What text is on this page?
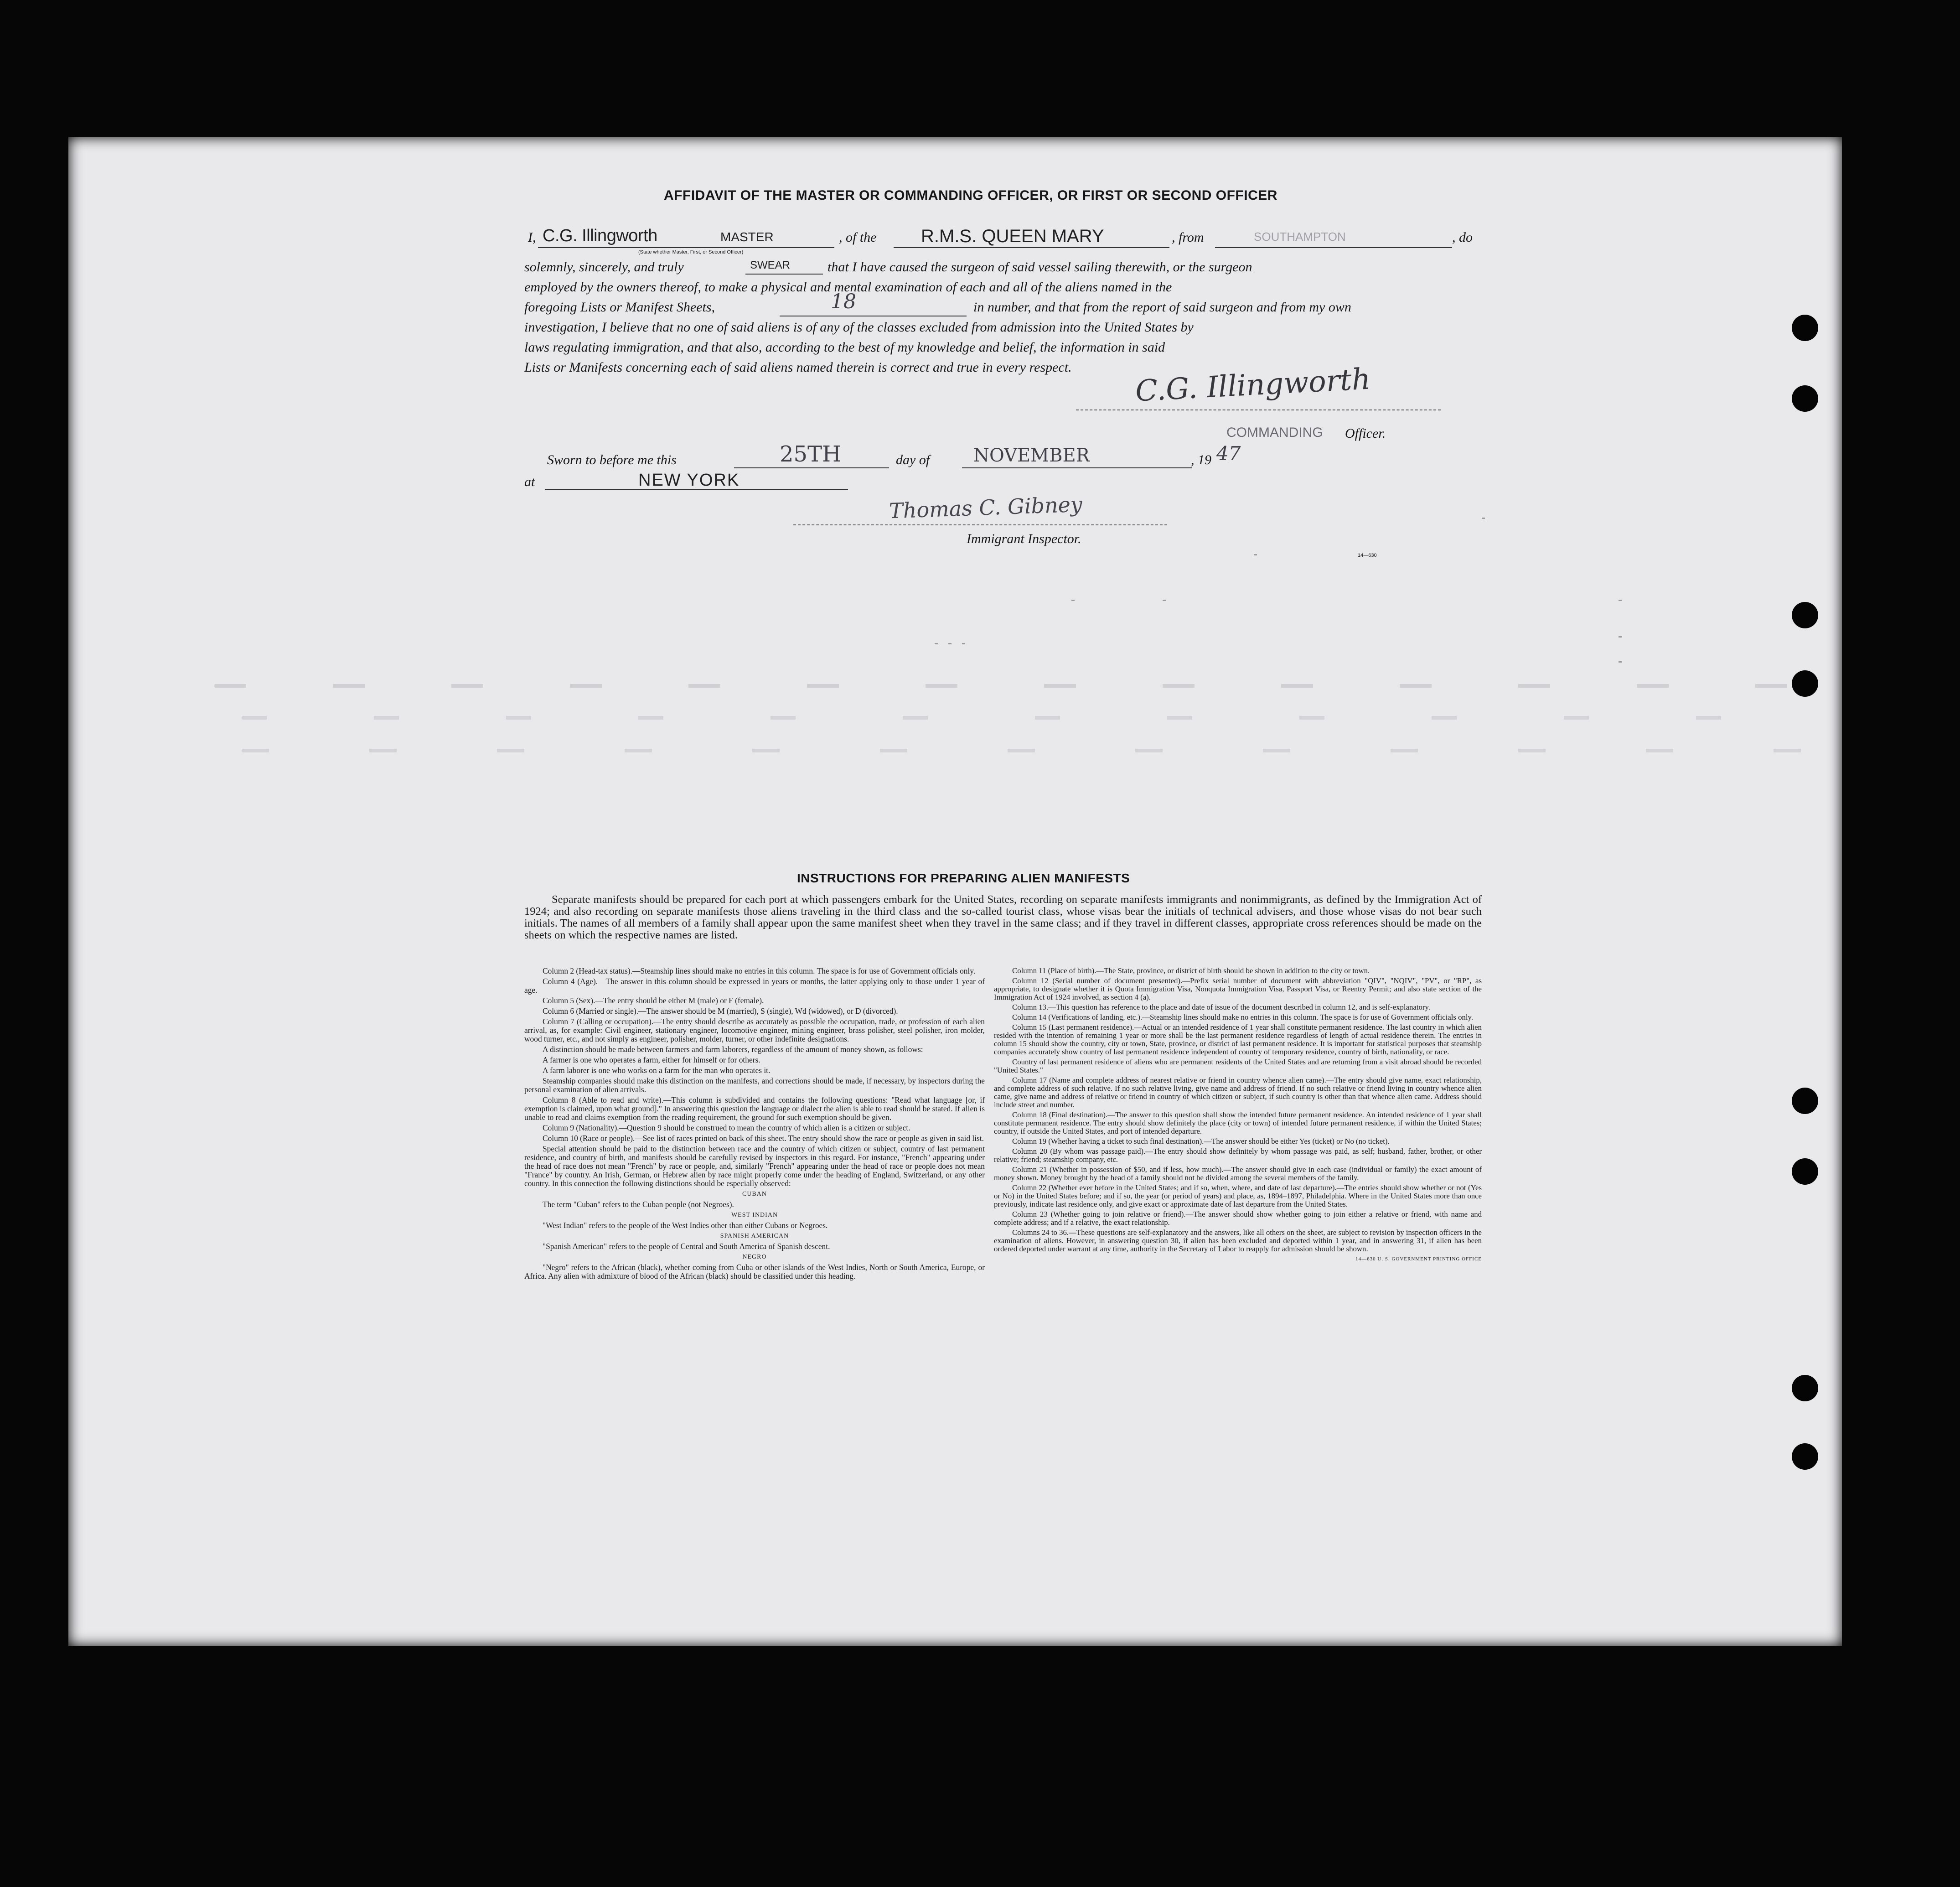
AFFIDAVIT OF THE MASTER OR COMMANDING OFFICER, OR FIRST OR SECOND OFFICER
I, C.G. Illingworth	MASTER
(State whether Master, First, or Second Officer)
, of the R.M.S. QUEEN MARY	, from	SOUTHAMPTON	, do
solemnly, sincerely, and truly	SWEAR	that I have caused the surgeon of said vessel sailing therewith, or the surgeon
employed by the owners thereof, to make a physical and mental examination of each and all of the aliens named in the
foregoing Lists or Manifest Sheets,	18	in number, and that from the report of said surgeon and from my own
investigation, I believe that no one of said aliens is of any of the classes excluded from admission into the United States by
laws regulating immigration, and that also, according to the best of my knowledge and belief, the information in said
Lists or Manifests concerning each of said aliens named therein is correct and true in every respect. C.G. Illingworth
COMMANDING Officer.
Sworn to before me this	25TH	day of NOVEMBER	, 19 47
at	NEW YORK
Thomas C. Gibney
Immigrant Inspector.
14—630
INSTRUCTIONS FOR PREPARING ALIEN MANIFESTS
Separate manifests should be prepared for each port at which passengers embark for the United States, recording on separate manifests immigrants and nonimmigrants, as defined by the Immigration Act of 1924; and also recording on separate manifests those aliens traveling in the third class and the so-called tourist class, whose visas bear the initials of technical advisers, and those whose visas do not bear such initials. The names of all members of a family shall appear upon the same manifest sheet when they travel in the same class; and if they travel in different classes, appropriate cross references should be made on the sheets on which the respective names are listed.

Column 2 (Head-tax status).—Steamship lines should make no entries in this column. The space is for use of Government officials only.

Column 4 (Age).—The answer in this column should be expressed in years or months, the latter applying only to those under 1 year of age.

Column 5 (Sex).—The entry should be either M (male) or F (female).

Column 6 (Married or single).—The answer should be M (married), S (single), Wd (widowed), or D (divorced).

Column 7 (Calling or occupation).—The entry should describe as accurately as possible the occupation, trade, or profession of each alien arrival, as, for example: Civil engineer, stationary engineer, locomotive engineer, mining engineer, brass polisher, steel polisher, iron molder, wood turner, etc., and not simply as engineer, polisher, molder, turner, or other indefinite designations.

A distinction should be made between farmers and farm laborers, regardless of the amount of money shown, as follows:

A farmer is one who operates a farm, either for himself or for others.

A farm laborer is one who works on a farm for the man who operates it.

Steamship companies should make this distinction on the manifests, and corrections should be made, if necessary, by inspectors during the personal examination of alien arrivals.

Column 8 (Able to read and write).—This column is subdivided and contains the following questions: "Read what language [or, if exemption is claimed, upon what ground]." In answering this question the language or dialect the alien is able to read should be stated. If alien is unable to read and claims exemption from the reading requirement, the ground for such exemption should be given.

Column 9 (Nationality).—Question 9 should be construed to mean the country of which alien is a citizen or subject.

Column 10 (Race or people).—See list of races printed on back of this sheet. The entry should show the race or people as given in said list.

Special attention should be paid to the distinction between race and the country of which citizen or subject, country of last permanent residence, and country of birth, and manifests should be carefully revised by inspectors in this regard. For instance, "French" appearing under the head of race does not mean "French" by race or people, and, similarly "French" appearing under the head of race or people does not mean "France" by country. An Irish, German, or Hebrew alien by race might properly come under the heading of England, Switzerland, or any other country. In this connection the following distinctions should be especially observed:

CUBAN

The term "Cuban" refers to the Cuban people (not Negroes).

WEST INDIAN

"West Indian" refers to the people of the West Indies other than either Cubans or Negroes.

SPANISH AMERICAN

"Spanish American" refers to the people of Central and South America of Spanish descent.

NEGRO

"Negro" refers to the African (black), whether coming from Cuba or other islands of the West Indies, North or South America, Europe, or Africa. Any alien with admixture of blood of the African (black) should be classified under this heading.

Column 11 (Place of birth).—The State, province, or district of birth should be shown in addition to the city or town.

Column 12 (Serial number of document presented).—Prefix serial number of document with abbreviation "QIV", "NQIV", "PV", or "RP", as appropriate, to designate whether it is Quota Immigration Visa, Nonquota Immigration Visa, Passport Visa, or Reentry Permit; and also state section of the Immigration Act of 1924 involved, as section 4 (a).

Column 13.—This question has reference to the place and date of issue of the document described in column 12, and is self-explanatory.

Column 14 (Verifications of landing, etc.).—Steamship lines should make no entries in this column. The space is for use of Government officials only.

Column 15 (Last permanent residence).—Actual or an intended residence of 1 year shall constitute permanent residence. The last country in which alien resided with the intention of remaining 1 year or more shall be the last permanent residence regardless of length of actual residence therein. The entries in column 15 should show the country, city or town, State, province, or district of last permanent residence. It is important for statistical purposes that steamship companies accurately show country of last permanent residence independent of country of temporary residence, country of birth, nationality, or race.

Country of last permanent residence of aliens who are permanent residents of the United States and are returning from a visit abroad should be recorded "United States."

Column 17 (Name and complete address of nearest relative or friend in country whence alien came).—The entry should give name, exact relationship, and complete address of such relative. If no such relative living, give name and address of friend. If no such relative or friend living in country whence alien came, give name and address of relative or friend in country of which citizen or subject, if such country is other than that whence alien came. Address should include street and number.

Column 18 (Final destination).—The answer to this question shall show the intended future permanent residence. An intended residence of 1 year shall constitute permanent residence. The entry should show definitely the place (city or town) of intended future permanent residence, if within the United States; country, if outside the United States, and port of intended departure.

Column 19 (Whether having a ticket to such final destination).—The answer should be either Yes (ticket) or No (no ticket).

Column 20 (By whom was passage paid).—The entry should show definitely by whom passage was paid, as self; husband, father, brother, or other relative; friend; steamship company, etc.

Column 21 (Whether in possession of $50, and if less, how much).—The answer should give in each case (individual or family) the exact amount of money shown. Money brought by the head of a family should not be divided among the several members of the family.

Column 22 (Whether ever before in the United States; and if so, when, where, and date of last departure).—The entries should show whether or not (Yes or No) in the United States before; and if so, the year (or period of years) and place, as, 1894–1897, Philadelphia. Where in the United States more than once previously, indicate last residence only, and give exact or approximate date of last departure from the United States.

Column 23 (Whether going to join relative or friend).—The answer should show whether going to join either a relative or friend, with name and complete address; and if a relative, the exact relationship.

Columns 24 to 36.—These questions are self-explanatory and the answers, like all others on the sheet, are subject to revision by inspection officers in the examination of aliens. However, in answering question 30, if alien has been excluded and deported within 1 year, and in answering 31, if alien has been ordered deported under warrant at any time, authority in the Secretary of Labor to reapply for admission should be shown.

14—630 U. S. GOVERNMENT PRINTING OFFICE
